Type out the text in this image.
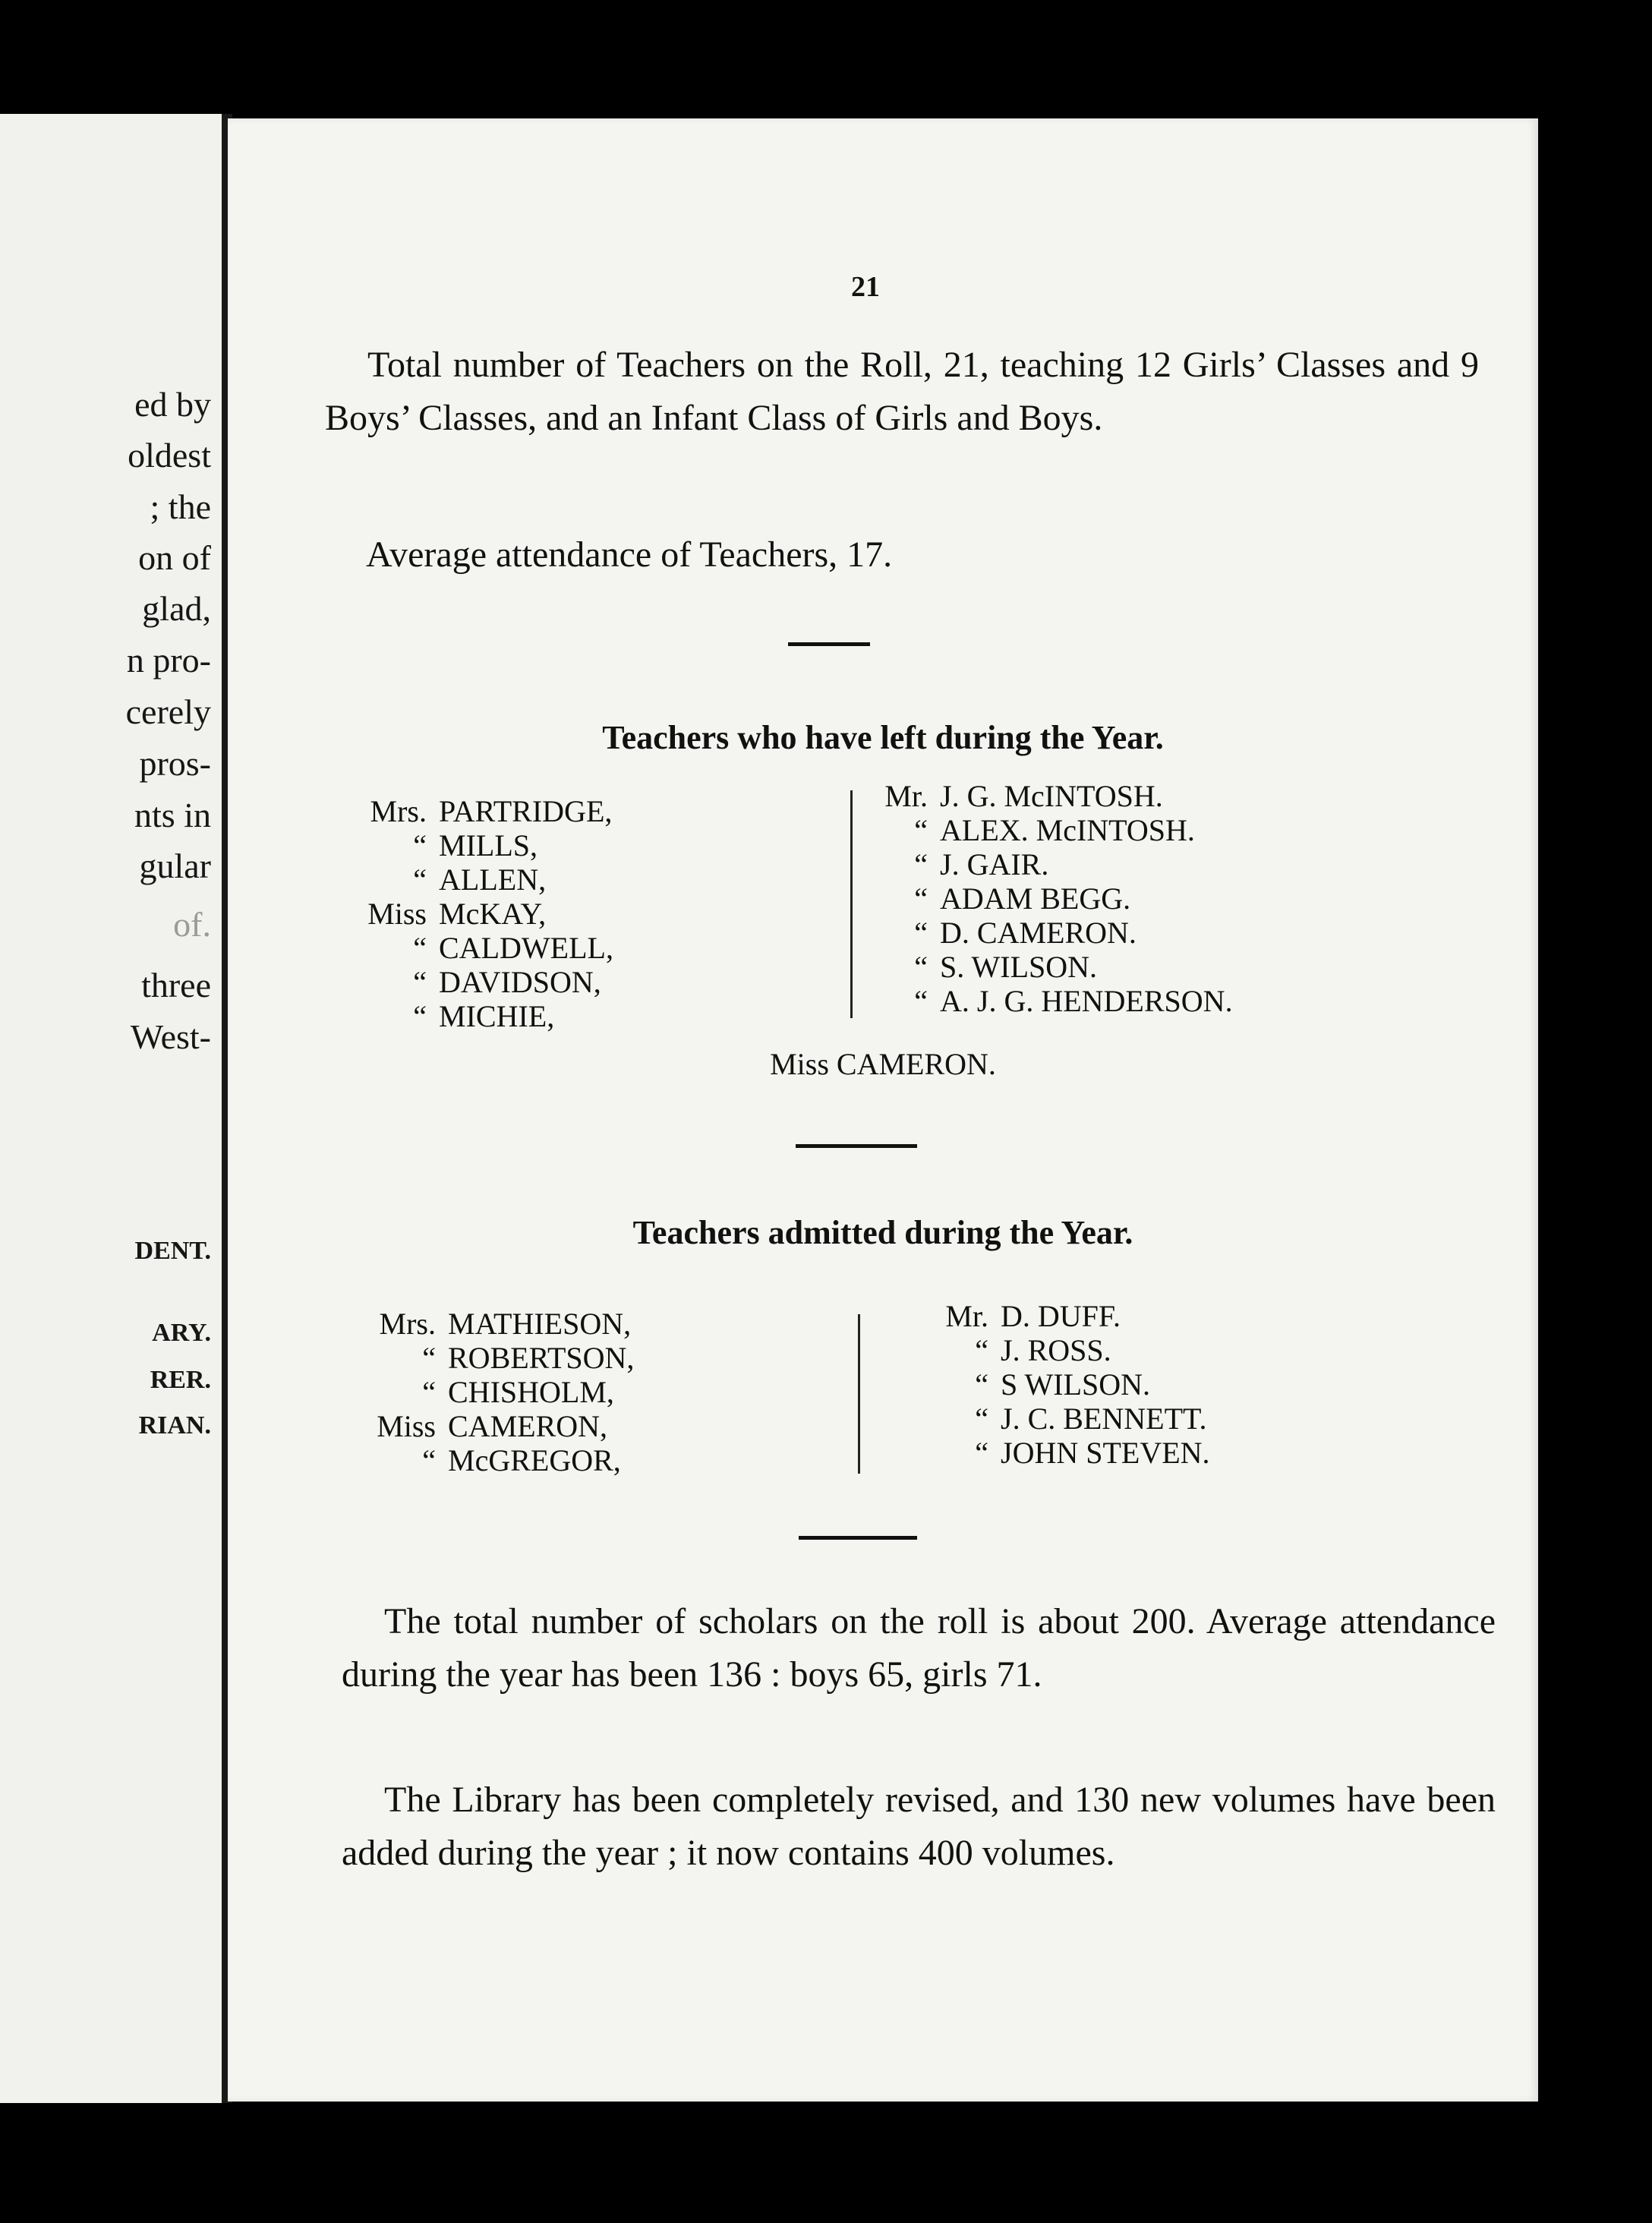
ed by
oldest
; the
on of
glad,
n pro-
cerely
pros-
nts in
gular
of.
three
West-
DENT.
ARY.
RER.
RIAN.
21

Total number of Teachers on the Roll, 21, teaching 12 Girls’ Classes and 9 Boys’ Classes, and an Infant Class of Girls and Boys.

Average attendance of Teachers, 17.

Teachers who have left during the Year.
Mrs. PARTRIDGE,
“ MILLS,
“ ALLEN,
Miss McKAY,
“ CALDWELL,
“ DAVIDSON,
“ MICHIE,
Mr. J. G. McINTOSH.
“ ALEX. McINTOSH.
“ J. GAIR.
“ ADAM BEGG.
“ D. CAMERON.
“ S. WILSON.
“ A. J. G. HENDERSON.
Miss CAMERON.
Teachers admitted during the Year.
Mrs. MATHIESON,
“ ROBERTSON,
“ CHISHOLM,
Miss CAMERON,
“ McGREGOR,
Mr. D. DUFF.
“ J. ROSS.
“ S WILSON.
“ J. C. BENNETT.
“ JOHN STEVEN.

The total number of scholars on the roll is about 200. Average attendance during the year has been 136 : boys 65, girls 71.

The Library has been completely revised, and 130 new volumes have been added during the year ; it now contains 400 volumes.
